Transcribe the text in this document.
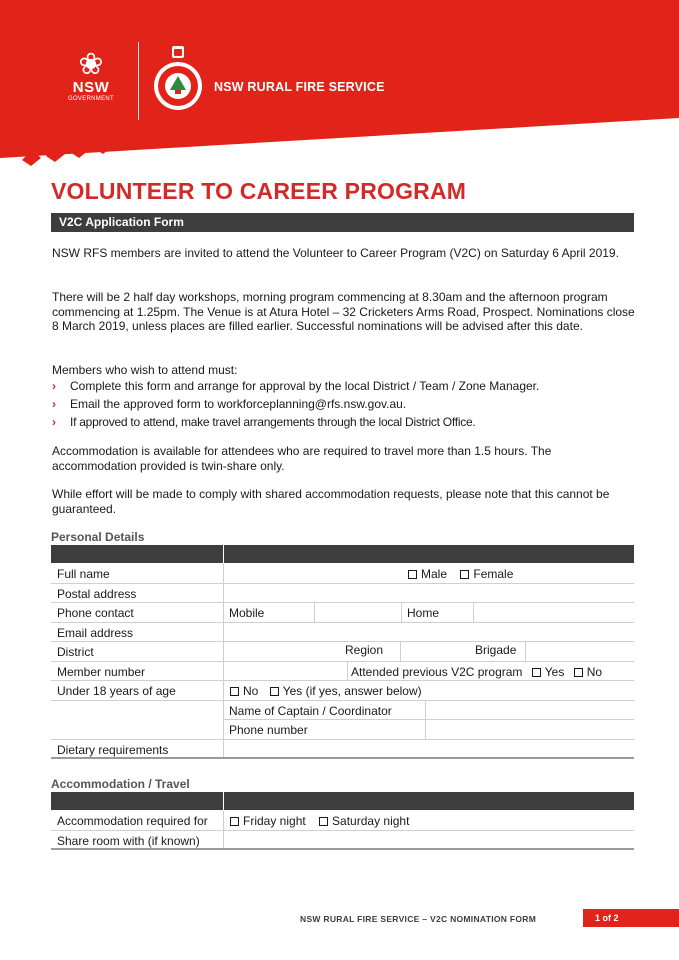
❀
NSW
GOVERNMENT
NSW RURAL FIRE SERVICE
VOLUNTEER TO CAREER PROGRAM
V2C Application Form

NSW RFS members are invited to attend the Volunteer to Career Program (V2C) on Saturday 6 April 2019.

There will be 2 half day workshops, morning program commencing at 8.30am and the afternoon program commencing at 1.25pm. The Venue is at Atura Hotel – 32 Cricketers Arms Road, Prospect. Nominations close 8 March 2019, unless places are filled earlier. Successful nominations will be advised after this date.

Members who wish to attend must:

› Complete this form and arrange for approval by the local District / Team / Zone Manager.
› Email the approved form to workforceplanning@rfs.nsw.gov.au.
› If approved to attend, make travel arrangements through the local District Office.

Accommodation is available for attendees who are required to travel more than 1.5 hours. The accommodation provided is twin-share only.

While effort will be made to comply with shared accommodation requests, please note that this cannot be guaranteed.

Personal Details
Full name	Male Female
Postal address
Phone contact	Mobile	Home
Email address
District	Region	Brigade
Member number	Attended previous V2C program Yes No
Under 18 years of age	No Yes (if yes, answer below)
Name of Captain / Coordinator
Phone number
Dietary requirements
Accommodation / Travel
Accommodation required for	Friday night Saturday night
Share room with (if known)
NSW RURAL FIRE SERVICE – V2C NOMINATION FORM	1 of 2
